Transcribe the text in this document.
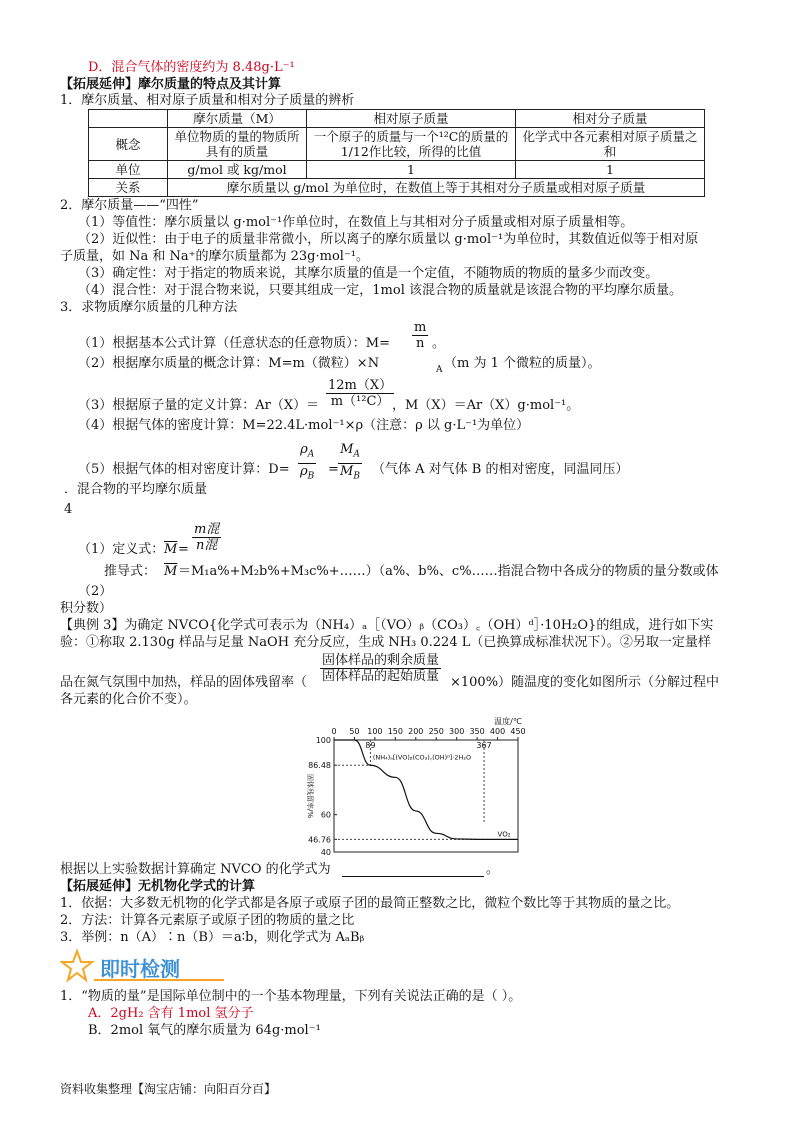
D．混合气体的密度约为 8.48g·L⁻¹
【拓展延伸】摩尔质量的特点及其计算
1．摩尔质量、相对原子质量和相对分子质量的辨析
	摩尔质量（M）	相对原子质量	相对分子质量
概念	单位物质的量的物质所具有的质量	一个原子的质量与一个¹²C的质量的1/12作比较，所得的比值	化学式中各元素相对原子质量之和
单位	g/mol 或 kg/mol	1	1
关系	摩尔质量以 g/mol 为单位时，在数值上等于其相对分子质量或相对原子质量		
2．摩尔质量——“四性”
（1）等值性：摩尔质量以 g·mol⁻¹作单位时，在数值上与其相对分子质量或相对原子质量相等。
（2）近似性：由于电子的质量非常微小，所以离子的摩尔质量以 g·mol⁻¹为单位时，其数值近似等于相对原
子质量，如 Na 和 Na⁺的摩尔质量都为 23g·mol⁻¹。
（3）确定性：对于指定的物质来说，其摩尔质量的值是一个定值，不随物质的物质的量多少而改变。
（4）混合性：对于混合物来说，只要其组成一定，1mol 该混合物的质量就是该混合物的平均摩尔质量。
3．求物质摩尔质量的几种方法
（1）根据基本公式计算（任意状态的任意物质）：$M= \frac{m}{n}$ 。
（2）根据摩尔质量的概念计算：M=m（微粒）×N	A （m 为 1 个微粒的质量）。
（3）根据原子量的定义计算：$Ar(X)= \frac{12m(X)}{\text{m（¹²C）}}$
，M（X）＝Ar（X）g·mol⁻¹。
（4）根据气体的密度计算：M=22.4L·mol⁻¹×ρ（注意：ρ 以 g·L⁻¹为单位）
（5）根据气体的相对密度计算：$D= \frac{\rho_A}{\rho_B} = \frac{M_A}{M_B}$ （气体 A 对气体 B 的相对密度，同温同压）
．混合物的平均摩尔质量
4
（1）定义式： $\overline{M}$ =
m混
n混
推导式： $\overline{M}$ ＝M₁a%+M₂b%+M₃c%+……）（a%、b%、c%……指混合物中各成分的物质的量分数或体
（2）
积分数）
【典例 3】为确定 NVCO{化学式可表示为（NH₄）ₐ［（VO）ᵦ（CO₃）꜀（OH）ᵈ］·10H₂O}的组成，进行如下实
验：①称取 2.130g 样品与足量 NaOH 充分反应，生成 NH₃ 0.224 L（已换算成标准状况下）。②另取一定量样
品在氮气氛围中加热，样品的固体残留率（
固体样品的剩余质量
固体样品的起始质量 ×100%）随温度的变化如图所示（分解过程中
各元素的化合价不变）。
0 50 100 150 200 250 300 350 400 450
温度/℃
100
86.48
60
46.76
40
固体残留率/%
89	367
(NH₄)ₐ[(VO)ᵦ(CO₃)꜀(OH)ᵈ]·2H₂O
VO₂
根据以上实验数据计算确定 NVCO 的化学式为	。
【拓展延伸】无机物化学式的计算
1．依据：大多数无机物的化学式都是各原子或原子团的最简正整数之比，微粒个数比等于其物质的量之比。
2．方法：计算各元素原子或原子团的物质的量之比
3．举例：n（A）∶n（B）＝a∶b，则化学式为 AₐBᵦ
即时检测
1．“物质的量”是国际单位制中的一个基本物理量，下列有关说法正确的是（ ）。
A．2gH₂ 含有 1mol 氢分子
B．2mol 氧气的摩尔质量为 64g·mol⁻¹
资料收集整理【淘宝店铺：向阳百分百】
